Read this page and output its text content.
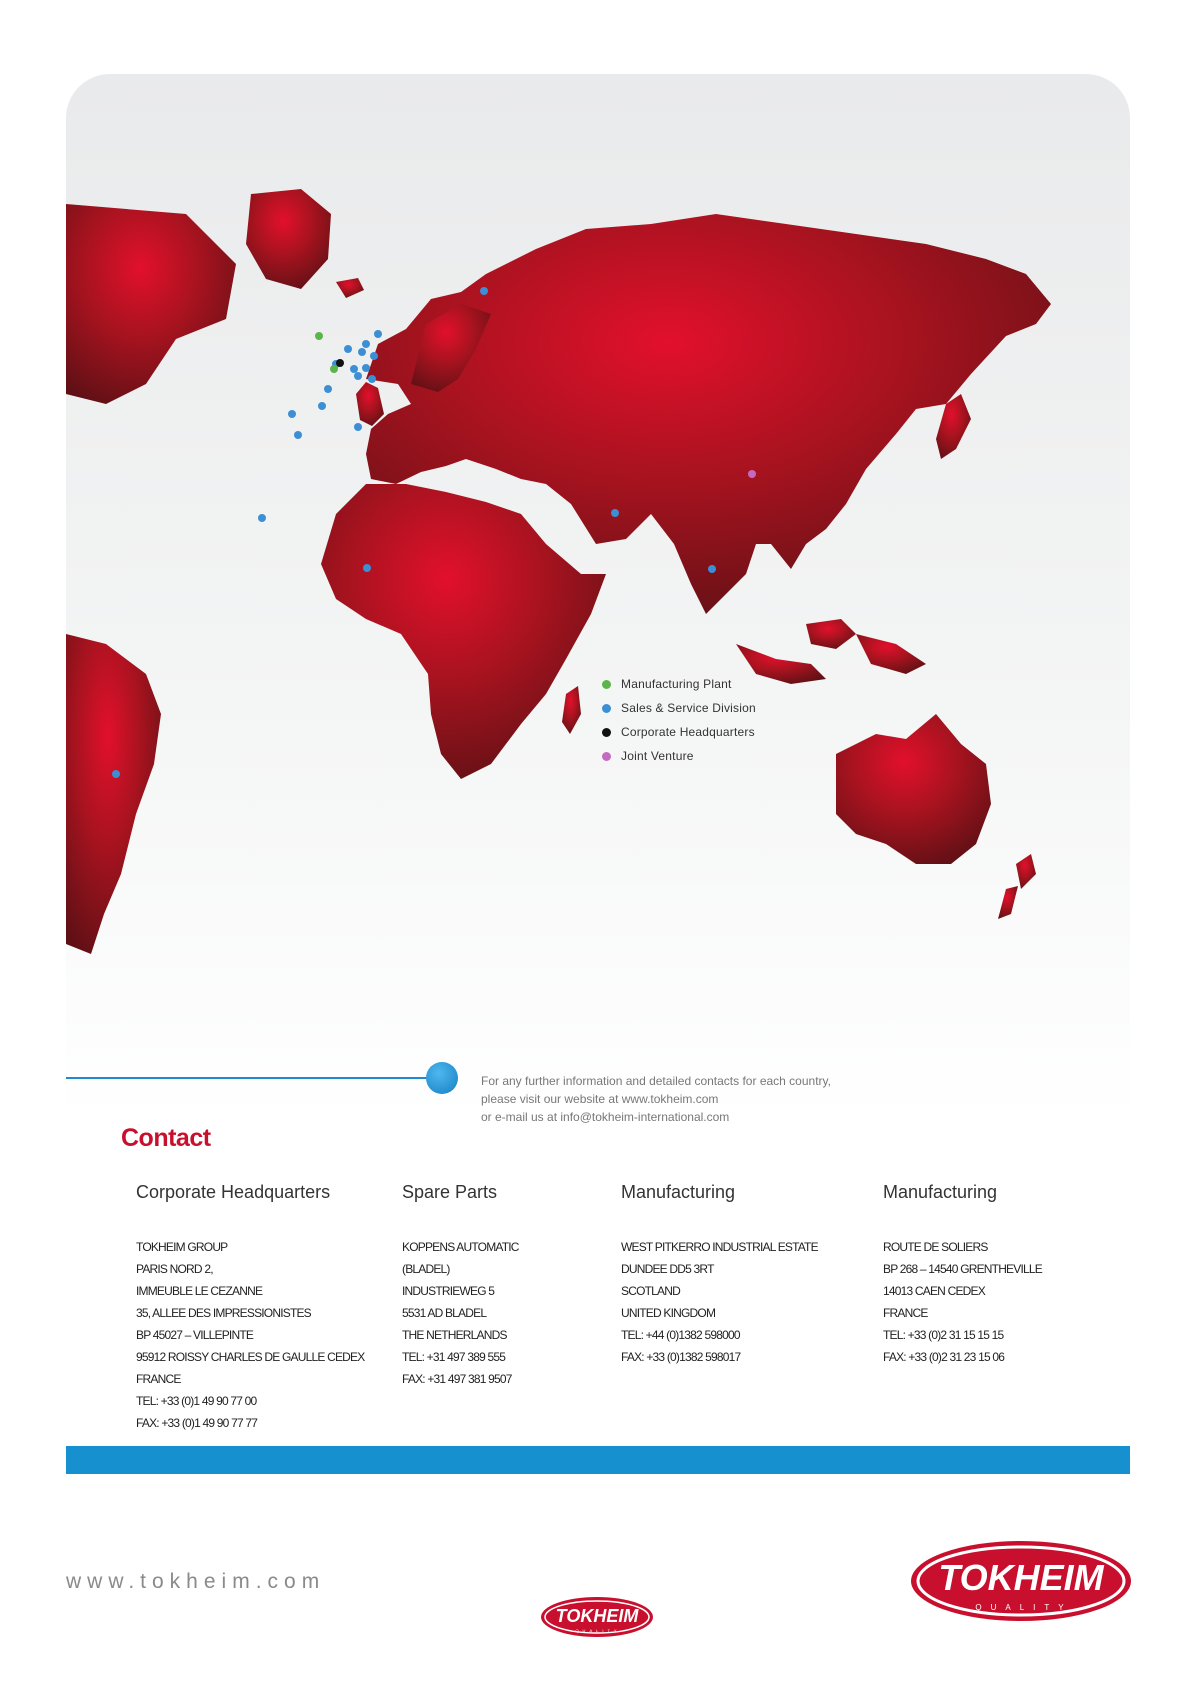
Manufacturing Plant
Sales & Service Division
Corporate Headquarters
Joint Venture
For any further information and detailed contacts for each country,
please visit our website at www.tokheim.com
or e-mail us at info@tokheim-international.com
Contact
Corporate Headquarters
TOKHEIM GROUP
PARIS NORD 2,
IMMEUBLE LE CEZANNE
35, ALLEE DES IMPRESSIONISTES
BP 45027 – VILLEPINTE
95912 ROISSY CHARLES DE GAULLE CEDEX
FRANCE
TEL: +33 (0)1 49 90 77 00
FAX: +33 (0)1 49 90 77 77
Spare Parts
KOPPENS AUTOMATIC
(BLADEL)
INDUSTRIEWEG 5
5531 AD BLADEL
THE NETHERLANDS
TEL: +31 497 389 555
FAX: +31 497 381 9507
Manufacturing
WEST PITKERRO INDUSTRIAL ESTATE
DUNDEE DD5 3RT
SCOTLAND
UNITED KINGDOM
TEL: +44 (0)1382 598000
FAX: +33 (0)1382 598017
Manufacturing
ROUTE DE SOLIERS
BP 268 – 14540 GRENTHEVILLE
14013 CAEN CEDEX
FRANCE
TEL: +33 (0)2 31 15 15 15
FAX: +33 (0)2 31 23 15 06
www.tokheim.com	TOKHEIM
QUALITY
TOKHEIM
QUALITY
